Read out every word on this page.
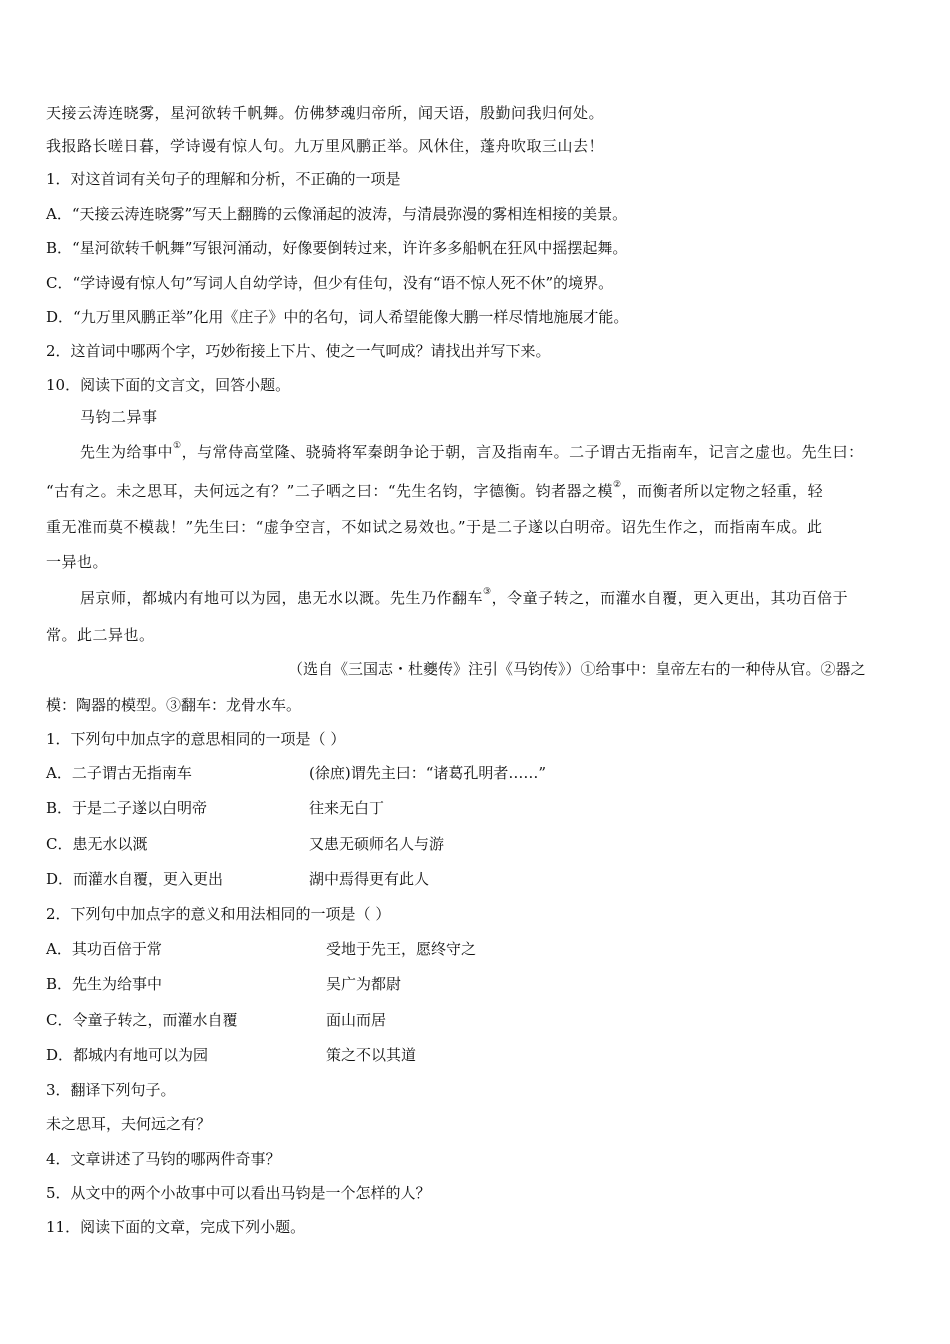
天接云涛连晓雾，星河欲转千帆舞。仿佛梦魂归帝所，闻天语，殷勤问我归何处。
我报路长嗟日暮，学诗谩有惊人句。九万里风鹏正举。风休住，蓬舟吹取三山去！
1．对这首词有关句子的理解和分析，不正确的一项是
A．“天接云涛连晓雾”写天上翻腾的云像涌起的波涛，与清晨弥漫的雾相连相接的美景。
B．“星河欲转千帆舞”写银河涌动，好像要倒转过来，许许多多船帆在狂风中摇摆起舞。
C．“学诗谩有惊人句”写词人自幼学诗，但少有佳句，没有“语不惊人死不休”的境界。
D．“九万里风鹏正举”化用《庄子》中的名句，词人希望能像大鹏一样尽情地施展才能。
2．这首词中哪两个字，巧妙衔接上下片、使之一气呵成？请找出并写下来。
10．阅读下面的文言文，回答小题。
马钧二异事
先生为给事中①，与常侍高堂隆、骁骑将军秦朗争论于朝，言及指南车。二子谓古无指南车，记言之虚也。先生曰：
“古有之。未之思耳，夫何远之有？”二子哂之曰：“先生名钧，字德衡。钧者器之模②，而衡者所以定物之轻重，轻
重无准而莫不模裁！”先生曰：“虚争空言，不如试之易效也。”于是二子遂以白明帝。诏先生作之，而指南车成。此
一异也。
居京师，都城内有地可以为园，患无水以溉。先生乃作翻车③，令童子转之，而灌水自覆，更入更出，其功百倍于
常。此二异也。
（选自《三国志・杜夔传》注引《马钧传》）①给事中：皇帝左右的一种侍从官。②器之
模：陶器的模型。③翻车：龙骨水车。
1．下列句中加点字的意思相同的一项是（ ）
A．二子谓古无指南车	(徐庶)谓先主曰：“诸葛孔明者……”
B．于是二子遂以白明帝	往来无白丁
C．患无水以溉	又患无硕师名人与游
D．而灌水自覆，更入更出	湖中焉得更有此人
2．下列句中加点字的意义和用法相同的一项是（ ）
A．其功百倍于常	受地于先王，愿终守之
B．先生为给事中	吴广为都尉
C．令童子转之，而灌水自覆	面山而居
D．都城内有地可以为园	策之不以其道
3．翻译下列句子。
未之思耳，夫何远之有？
4．文章讲述了马钧的哪两件奇事？
5．从文中的两个小故事中可以看出马钧是一个怎样的人？
11．阅读下面的文章，完成下列小题。
